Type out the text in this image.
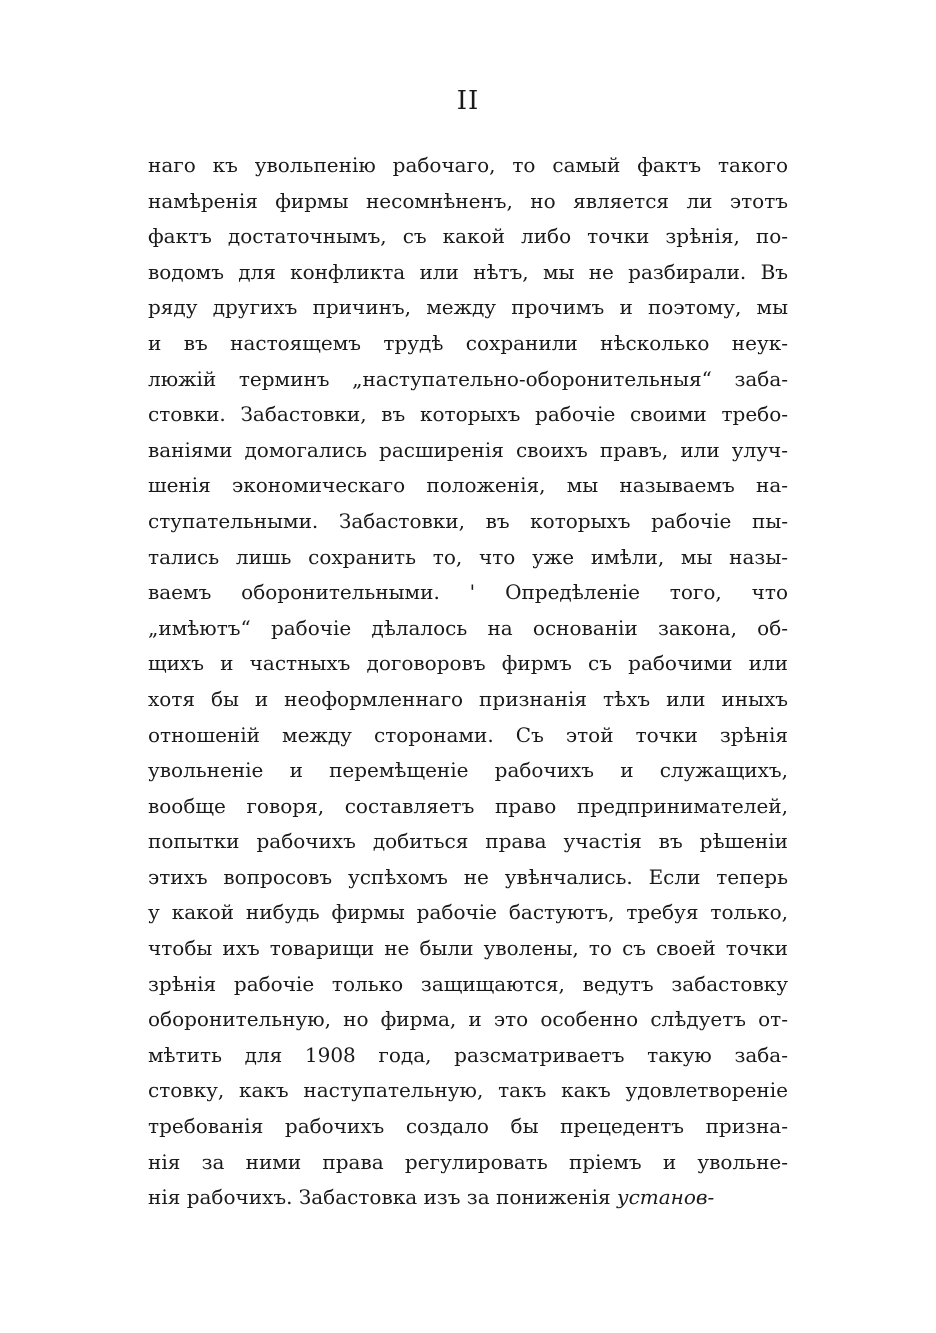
II
наго къ увольпенію рабочаго, то самый фактъ такого
намѣренія фирмы несомнѣненъ, но является ли этотъ
фактъ достаточнымъ, съ какой либо точки зрѣнія, по-
водомъ для конфликта или нѣтъ, мы не разбирали. Въ
ряду другихъ причинъ, между прочимъ и поэтому, мы
и въ настоящемъ трудѣ сохранили нѣсколько неук-
люжій терминъ „наступательно-оборонительныя“ заба-
стовки. Забастовки, въ которыхъ рабочіе своими требо-
ваніями домогались расширенія своихъ правъ, или улуч-
шенія экономическаго положенія, мы называемъ на-
ступательными. Забастовки, въ которыхъ рабочіе пы-
тались лишь сохранить то, что уже имѣли, мы назы-
ваемъ оборонительными. ' Опредѣленіе того, что
„имѣютъ“ рабочіе дѣлалось на основаніи закона, об-
щихъ и частныхъ договоровъ фирмъ съ рабочими или
хотя бы и неоформленнаго признанія тѣхъ или иныхъ
отношеній между сторонами. Съ этой точки зрѣнія
увольненіе и перемѣщеніе рабочихъ и служащихъ,
вообще говоря, составляетъ право предпринимателей,
попытки рабочихъ добиться права участія въ рѣшеніи
этихъ вопросовъ успѣхомъ не увѣнчались. Если теперь
у какой нибудь фирмы рабочіе бастуютъ, требуя только,
чтобы ихъ товарищи не были уволены, то съ своей точки
зрѣнія рабочіе только защищаются, ведутъ забастовку
оборонительную, но фирма, и это особенно слѣдуетъ от-
мѣтить для 1908 года, разсматриваетъ такую заба-
стовку, какъ наступательную, такъ какъ удовлетвореніе
требованія рабочихъ создало бы прецедентъ призна-
нія за ними права регулировать пріемъ и увольне-
нія рабочихъ. Забастовка изъ за пониженія установ-
